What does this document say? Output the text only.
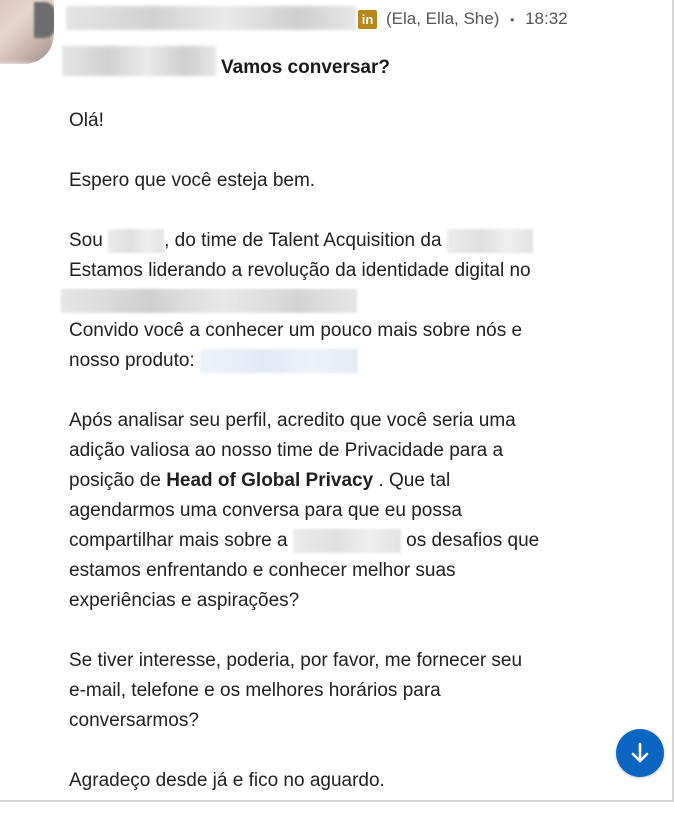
in (Ela, Ella, She) • 18:32
Vamos conversar?

Olá!

Espero que você esteja bem.

Sou	, do time de Talent Acquisition da
Estamos liderando a revolução da identidade digital no

Convido você a conhecer um pouco mais sobre nós e
nosso produto:

Após analisar seu perfil, acredito que você seria uma
adição valiosa ao nosso time de Privacidade para a
posição de Head of Global Privacy . Que tal
agendarmos uma conversa para que eu possa
compartilhar mais sobre a	os desafios que
estamos enfrentando e conhecer melhor suas
experiências e aspirações?

Se tiver interesse, poderia, por favor, me fornecer seu
e-mail, telefone e os melhores horários para
conversarmos?

Agradeço desde já e fico no aguardo.
